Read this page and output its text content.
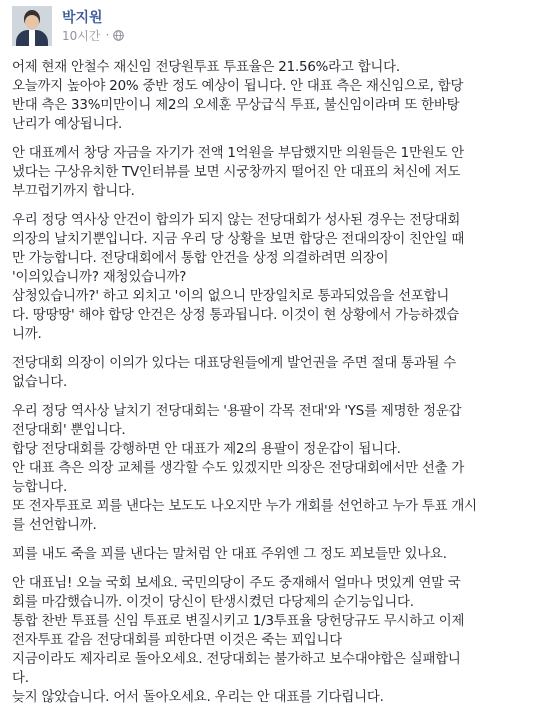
박지원
10시간 ·
어제 현재 안철수 재신임 전당원투표 투표율은 21.56%라고 합니다.
오늘까지 높아야 20% 중반 정도 예상이 됩니다. 안 대표 측은 재신임으로, 합당
반대 측은 33%미만이니 제2의 오세훈 무상급식 투표, 불신임이라며 또 한바탕
난리가 예상됩니다.
안 대표께서 창당 자금을 자기가 전액 1억원을 부담했지만 의원들은 1만원도 안
냈다는 구상유치한 TV인터뷰를 보면 시궁창까지 떨어진 안 대표의 처신에 저도
부끄럽기까지 합니다.
우리 정당 역사상 안건이 합의가 되지 않는 전당대회가 성사된 경우는 전당대회
의장의 날치기뿐입니다. 지금 우리 당 상황을 보면 합당은 전대의장이 친안일 때
만 가능합니다. 전당대회에서 통합 안건을 상정 의결하려면 의장이
'이의있습니까? 재청있습니까?
삼청있습니까?' 하고 외치고 '이의 없으니 만장일치로 통과되었음을 선포합니
다. 땅땅땅' 해야 합당 안건은 상정 통과됩니다. 이것이 현 상황에서 가능하겠습
니까.
전당대회 의장이 이의가 있다는 대표당원들에게 발언권을 주면 절대 통과될 수
없습니다.
우리 정당 역사상 날치기 전당대회는 '용팔이 각목 전대'와 'YS를 제명한 정운갑
전당대회' 뿐입니다.
합당 전당대회를 강행하면 안 대표가 제2의 용팔이 정운갑이 됩니다.
안 대표 측은 의장 교체를 생각할 수도 있겠지만 의장은 전당대회에서만 선출 가
능합니다.
또 전자투표로 꾀를 낸다는 보도도 나오지만 누가 개회를 선언하고 누가 투표 개시
를 선언합니까.
꾀를 내도 죽을 꾀를 낸다는 말처럼 안 대표 주위엔 그 정도 꾀보들만 있나요.
안 대표님! 오늘 국회 보세요. 국민의당이 주도 중재해서 얼마나 멋있게 연말 국
회를 마감했습니까. 이것이 당신이 탄생시켰던 다당제의 순기능입니다.
통합 찬반 투표를 신임 투표로 변질시키고 1/3투표율 당헌당규도 무시하고 이제
전자투표 같음 전당대회를 피한다면 이것은 죽는 꾀입니다
지금이라도 제자리로 돌아오세요. 전당대회는 불가하고 보수대야합은 실패합니
다.
늦지 않았습니다. 어서 돌아오세요. 우리는 안 대표를 기다립니다.
